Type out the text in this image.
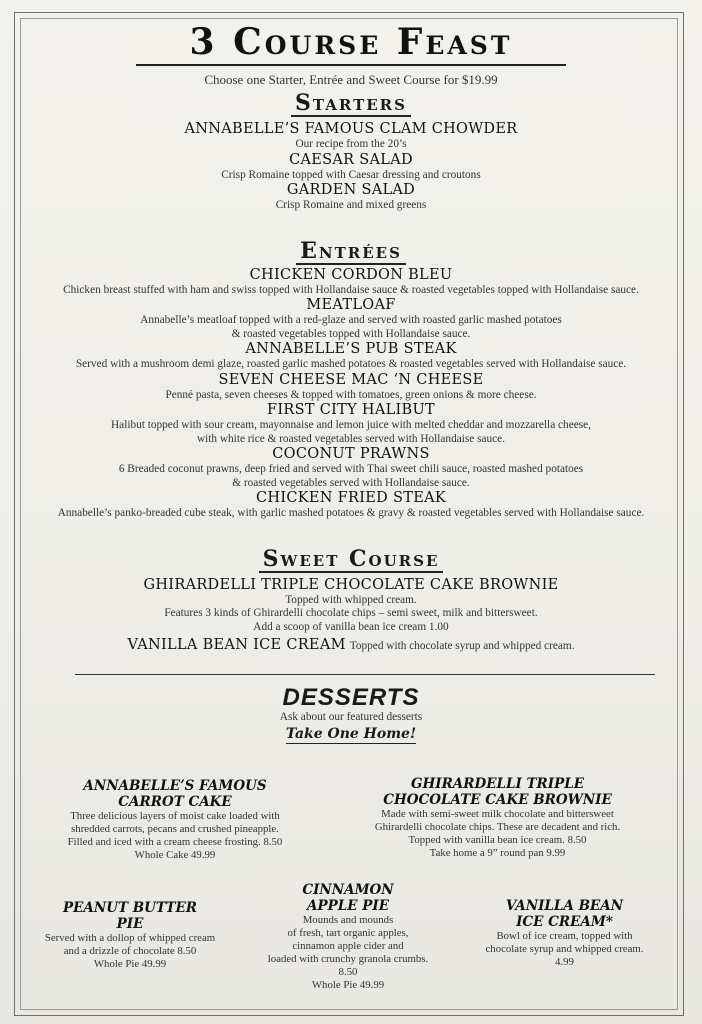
3 Course Feast
Choose one Starter, Entrée and Sweet Course for $19.99
Starters
ANNABELLE’S FAMOUS CLAM CHOWDER
Our recipe from the 20’s
CAESAR SALAD
Crisp Romaine topped with Caesar dressing and croutons
GARDEN SALAD
Crisp Romaine and mixed greens
Entrées
CHICKEN CORDON BLEU
Chicken breast stuffed with ham and swiss topped with Hollandaise sauce & roasted vegetables topped with Hollandaise sauce.
MEATLOAF
Annabelle’s meatloaf topped with a red-glaze and served with roasted garlic mashed potatoes
& roasted vegetables topped with Hollandaise sauce.
ANNABELLE’S PUB STEAK
Served with a mushroom demi glaze, roasted garlic mashed potatoes & roasted vegetables served with Hollandaise sauce.
SEVEN CHEESE MAC ‘N CHEESE
Penné pasta, seven cheeses & topped with tomatoes, green onions & more cheese.
FIRST CITY HALIBUT
Halibut topped with sour cream, mayonnaise and lemon juice with melted cheddar and mozzarella cheese,
with white rice & roasted vegetables served with Hollandaise sauce.
COCONUT PRAWNS
6 Breaded coconut prawns, deep fried and served with Thai sweet chili sauce, roasted mashed potatoes
& roasted vegetables served with Hollandaise sauce.
CHICKEN FRIED STEAK
Annabelle’s panko-breaded cube steak, with garlic mashed potatoes & gravy & roasted vegetables served with Hollandaise sauce.
Sweet Course
GHIRARDELLI TRIPLE CHOCOLATE CAKE BROWNIE
Topped with whipped cream.
Features 3 kinds of Ghirardelli chocolate chips – semi sweet, milk and bittersweet.
Add a scoop of vanilla bean ice cream 1.00
VANILLA BEAN ICE CREAM Topped with chocolate syrup and whipped cream.
DESSERTS
Ask about our featured desserts
Take One Home!
ANNABELLE’S FAMOUS
CARROT CAKE
Three delicious layers of moist cake loaded with
shredded carrots, pecans and crushed pineapple.
Filled and iced with a cream cheese frosting. 8.50
Whole Cake 49.99
GHIRARDELLI TRIPLE
CHOCOLATE CAKE BROWNIE
Made with semi-sweet milk chocolate and bittersweet
Ghirardelli chocolate chips. These are decadent and rich.
Topped with vanilla bean ice cream. 8.50
Take home a 9” round pan 9.99
PEANUT BUTTER
PIE
Served with a dollop of whipped cream
and a drizzle of chocolate 8.50
Whole Pie 49.99
CINNAMON
APPLE PIE
Mounds and mounds
of fresh, tart organic apples,
cinnamon apple cider and
loaded with crunchy granola crumbs.
8.50
Whole Pie 49.99
VANILLA BEAN
ICE CREAM*
Bowl of ice cream, topped with
chocolate syrup and whipped cream.
4.99
